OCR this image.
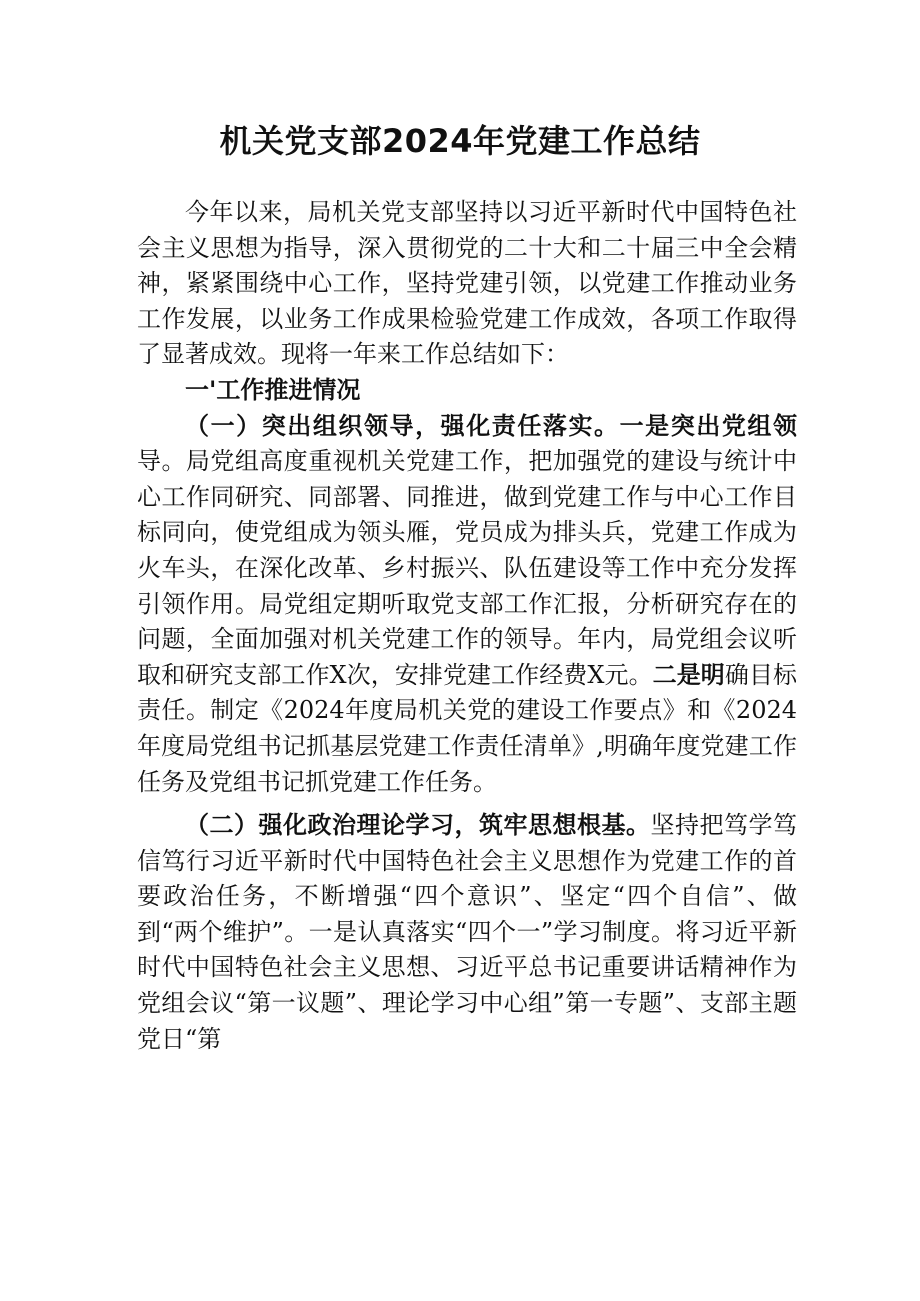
机关党支部2024年党建工作总结

今年以来，局机关党支部坚持以习近平新时代中国特色社会主义思想为指导，深入贯彻党的二十大和二十届三中全会精神，紧紧围绕中心工作，坚持党建引领，以党建工作推动业务工作发展，以业务工作成果检验党建工作成效，各项工作取得了显著成效。现将一年来工作总结如下：

一'工作推进情况

（一）突出组织领导，强化责任落实。一是突出党组领导。局党组高度重视机关党建工作，把加强党的建设与统计中心工作同研究、同部署、同推进，做到党建工作与中心工作目标同向，使党组成为领头雁，党员成为排头兵，党建工作成为火车头，在深化改革、乡村振兴、队伍建设等工作中充分发挥引领作用。局党组定期听取党支部工作汇报，分析研究存在的问题，全面加强对机关党建工作的领导。年内，局党组会议听取和研究支部工作X次，安排党建工作经费X元。二是明确目标责任。制定《2024年度局机关党的建设工作要点》和《2024年度局党组书记抓基层党建工作责任清单》,明确年度党建工作任务及党组书记抓党建工作任务。

（二）强化政治理论学习，筑牢思想根基。坚持把笃学笃信笃行习近平新时代中国特色社会主义思想作为党建工作的首要政治任务，不断增强“四个意识”、坚定“四个自信”、做到“两个维护”。一是认真落实“四个一”学习制度。将习近平新时代中国特色社会主义思想、习近平总书记重要讲话精神作为党组会议“第一议题”、理论学习中心组”第一专题”、支部主题党日“第
